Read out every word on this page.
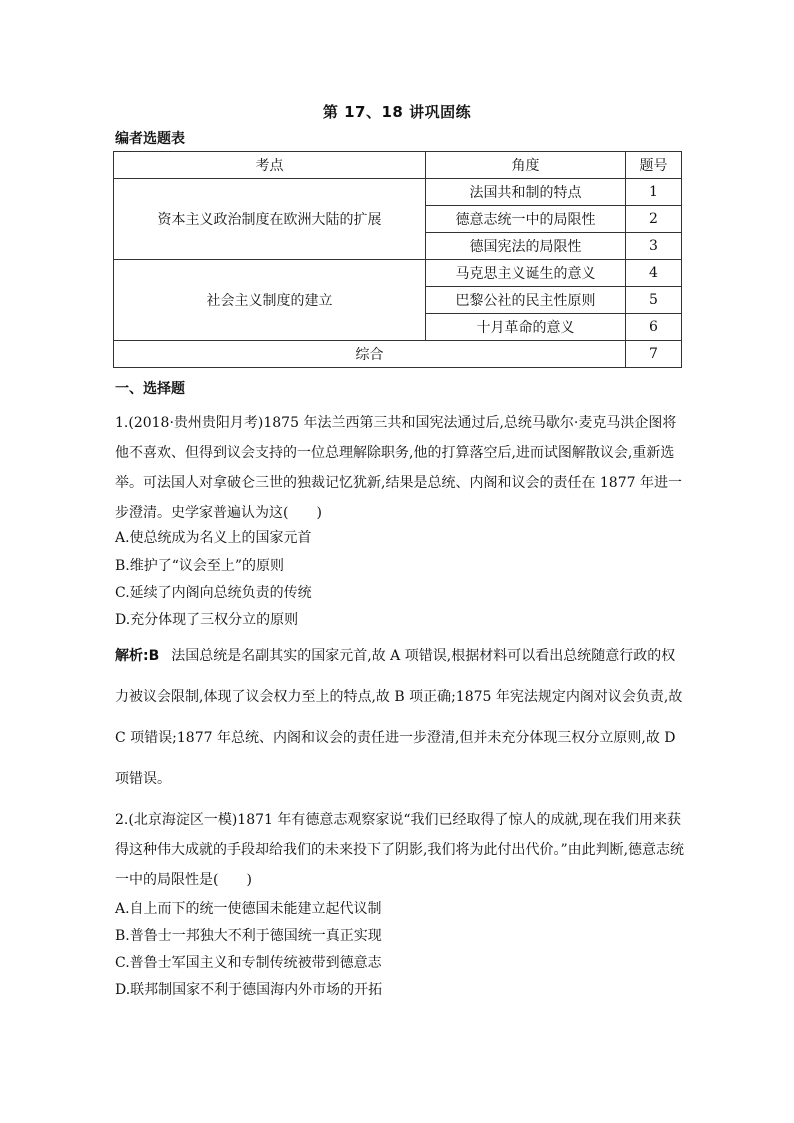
第 17、18 讲巩固练
编者选题表
考点	角度	题号
资本主义政治制度在欧洲大陆的扩展	法国共和制的特点	1
	德意志统一中的局限性	2
	德国宪法的局限性	3
社会主义制度的建立	马克思主义诞生的意义	4
	巴黎公社的民主性原则	5
	十月革命的意义	6
综合		7
一、选择题
1.(2018·贵州贵阳月考)1875 年法兰西第三共和国宪法通过后,总统马歇尔·麦克马洪企图将他不喜欢、但得到议会支持的一位总理解除职务,他的打算落空后,进而试图解散议会,重新选举。可法国人对拿破仑三世的独裁记忆犹新,结果是总统、内阁和议会的责任在 1877 年进一步澄清。史学家普遍认为这(　　)
A.使总统成为名义上的国家元首
B.维护了“议会至上”的原则
C.延续了内阁向总统负责的传统
D.充分体现了三权分立的原则
解析:B 法国总统是名副其实的国家元首,故 A 项错误,根据材料可以看出总统随意行政的权力被议会限制,体现了议会权力至上的特点,故 B 项正确;1875 年宪法规定内阁对议会负责,故 C 项错误;1877 年总统、内阁和议会的责任进一步澄清,但并未充分体现三权分立原则,故 D 项错误。
2.(北京海淀区一模)1871 年有德意志观察家说“我们已经取得了惊人的成就,现在我们用来获得这种伟大成就的手段却给我们的未来投下了阴影,我们将为此付出代价。”由此判断,德意志统一中的局限性是(　　)
A.自上而下的统一使德国未能建立起代议制
B.普鲁士一邦独大不利于德国统一真正实现
C.普鲁士军国主义和专制传统被带到德意志
D.联邦制国家不利于德国海内外市场的开拓
